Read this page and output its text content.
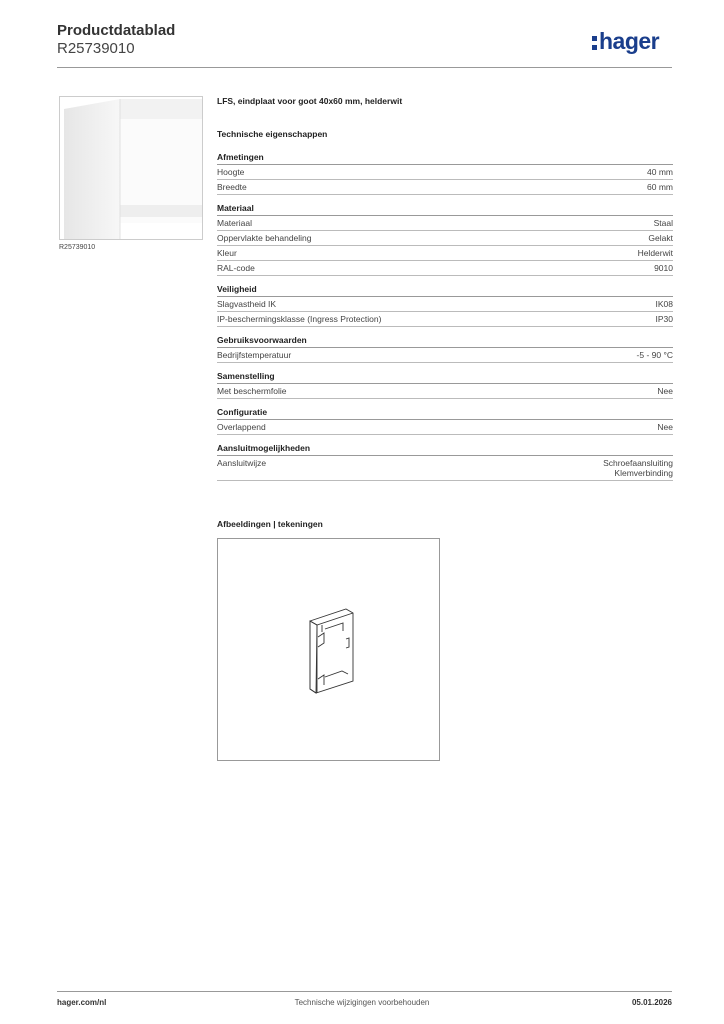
Productdatablad
R25739010	hager
R25739010
LFS, eindplaat voor goot 40x60 mm, helderwit
Technische eigenschappen
Afmetingen
Hoogte	40 mm
Breedte	60 mm
Materiaal
Materiaal	Staal
Oppervlakte behandeling	Gelakt
Kleur	Helderwit
RAL-code	9010
Veiligheid
Slagvastheid IK	IK08
IP-beschermingsklasse (Ingress Protection)	IP30
Gebruiksvoorwaarden
Bedrijfstemperatuur	-5 - 90 °C
Samenstelling
Met beschermfolie	Nee
Configuratie
Overlappend	Nee
Aansluitmogelijkheden
Aansluitwijze	Schroefaansluiting
Klemverbinding
Afbeeldingen | tekeningen
hager.com/nl	Technische wijzigingen voorbehouden	05.01.2026
